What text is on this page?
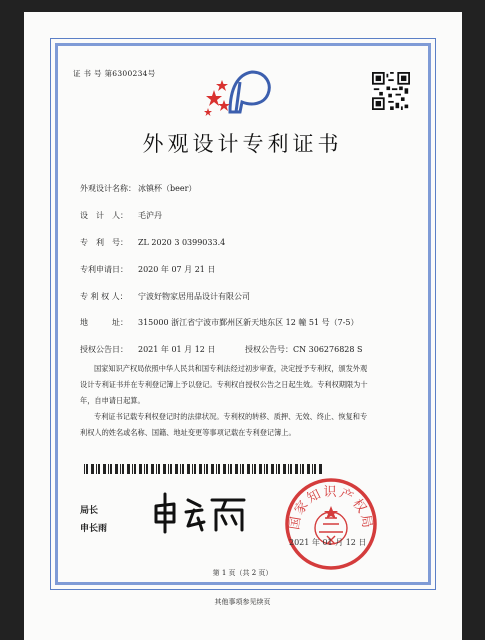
证 书 号 第6300234号
外观设计专利证书
外观设计名称： 冰镇杯（beer）
设　计　人： 毛沪丹
专　利　号： ZL 2020 3 0399033.4
专利申请日： 2020 年 07 月 21 日
专 利 权 人： 宁波好物家居用品设计有限公司
地　　　址： 315000 浙江省宁波市鄞州区新天地东区 12 幢 51 号（7-5）
授权公告日： 2021 年 01 月 12 日	授权公告号：CN 306276828 S
国家知识产权局依照中华人民共和国专利法经过初步审查，决定授予专利权，颁发外观
设计专利证书并在专利登记簿上予以登记。专利权自授权公告之日起生效。专利权期限为十
年，自申请日起算。
专利证书记载专利权登记时的法律状况。专利权的转移、质押、无效、终止、恢复和专
利权人的姓名或名称、国籍、地址变更等事项记载在专利登记簿上。
局长
申长雨	国家知识产权局
2021 年 01 月 12 日
第 1 页（共 2 页）
其他事项参见续页
